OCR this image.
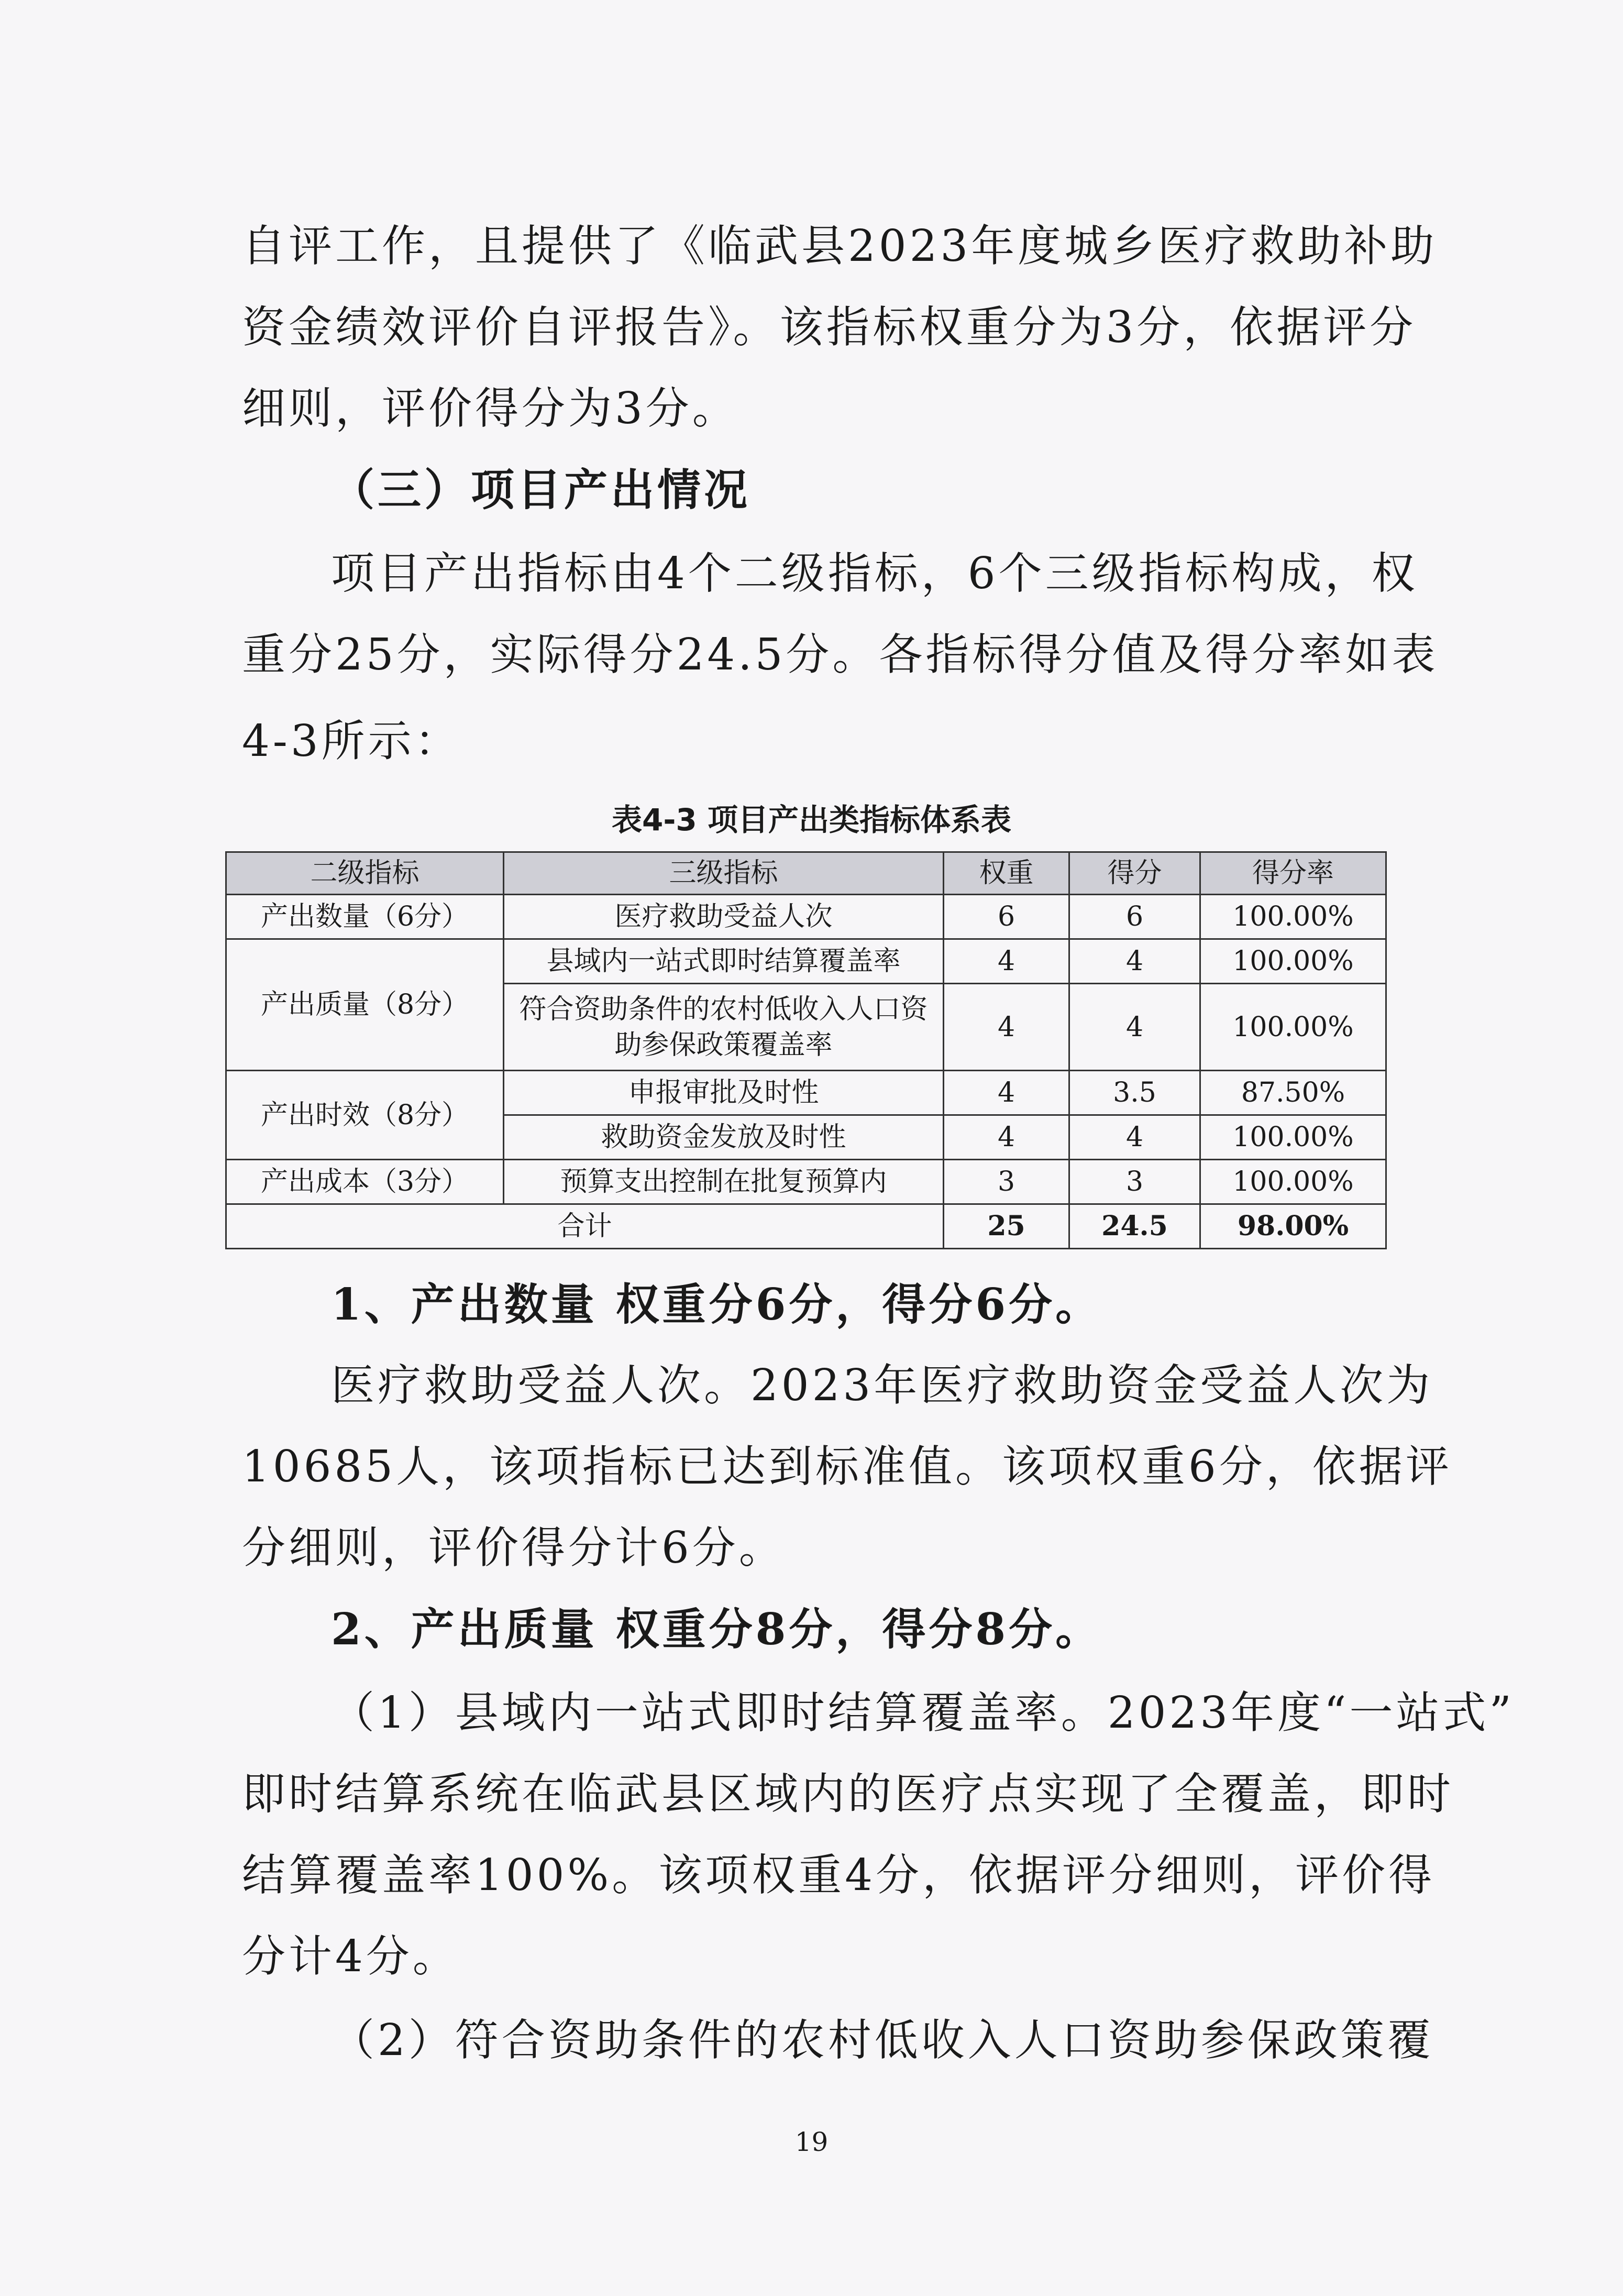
自评工作，且提供了《临武县2023年度城乡医疗救助补助

资金绩效评价自评报告》。该指标权重分为3分，依据评分

细则，评价得分为3分。

（三）项目产出情况

项目产出指标由4个二级指标，6个三级指标构成，权

重分25分，实际得分24.5分。各指标得分值及得分率如表

4-3所示：

表4-3 项目产出类指标体系表

二级指标	三级指标	权重	得分	得分率
产出数量（6分）	医疗救助受益人次	6	6	100.00%
产出质量（8分）	县域内一站式即时结算覆盖率	4	4	100.00%
	符合资助条件的农村低收入人口资助参保政策覆盖率	4	4	100.00%
产出时效（8分）	申报审批及时性	4	3.5	87.50%
	救助资金发放及时性	4	4	100.00%
产出成本（3分）	预算支出控制在批复预算内	3	3	100.00%
合计		25	24.5	98.00%

1、产出数量 权重分6分，得分6分。

医疗救助受益人次。2023年医疗救助资金受益人次为

10685人，该项指标已达到标准值。该项权重6分，依据评

分细则，评价得分计6分。

2、产出质量 权重分8分，得分8分。

（1）县域内一站式即时结算覆盖率。2023年度“一站式”

即时结算系统在临武县区域内的医疗点实现了全覆盖，即时

结算覆盖率100%。该项权重4分，依据评分细则，评价得

分计4分。

（2）符合资助条件的农村低收入人口资助参保政策覆

19
